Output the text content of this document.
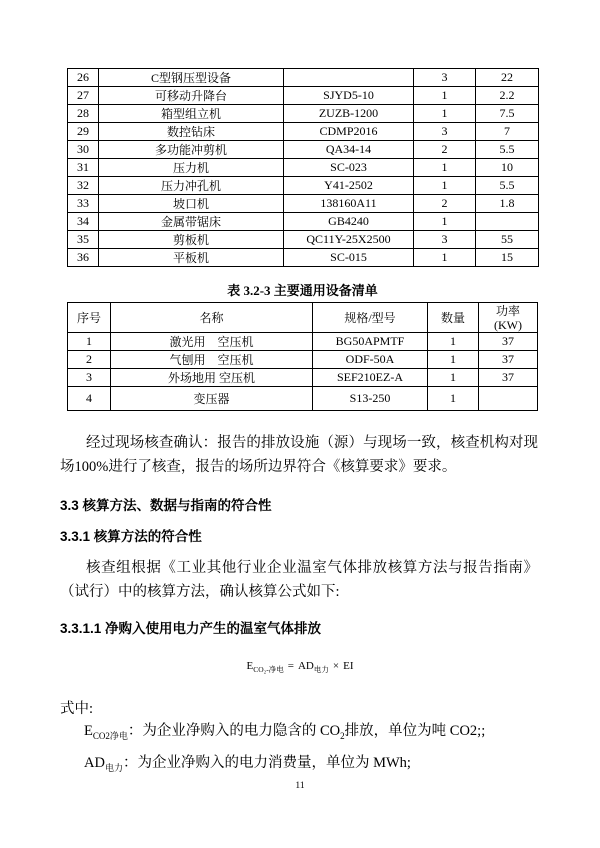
26	C型钢压型设备		3	22
27	可移动升降台	SJYD5-10	1	2.2
28	箱型组立机	ZUZB-1200	1	7.5
29	数控钻床	CDMP2016	3	7
30	多功能冲剪机	QA34-14	2	5.5
31	压力机	SC-023	1	10
32	压力冲孔机	Y41-2502	1	5.5
33	坡口机	138160A11	2	1.8
34	金属带锯床	GB4240	1	
35	剪板机	QC11Y-25X2500	3	55
36	平板机	SC-015	1	15
表 3.2-3 主要通用设备清单
序号	名称	规格/型号	数量	功率
(KW)

1	激光用　空压机	BG50APMTF	1	37
2	气刨用　空压机	ODF-50A	1	37
3	外场地用 空压机	SEF210EZ-A	1	37
4	变压器	S13-250	1	

经过现场核查确认：报告的排放设施（源）与现场一致，核查机构对现场100%进行了核查，报告的场所边界符合《核算要求》要求。

3.3 核算方法、数据与指南的符合性
3.3.1 核算方法的符合性

核查组根据《工业其他行业企业温室气体排放核算方法与报告指南》（试行）中的核算方法，确认核算公式如下:

3.3.1.1 净购入使用电力产生的温室气体排放
$E_{CO_2-净电} = AD_{电力}$ × EI

式中:

$E_{CO2净电}$：为企业净购入的电力隐含的 $CO_2$排放，单位为吨 CO2;;

$AD_{电力}$：为企业净购入的电力消费量，单位为 MWh;

11
